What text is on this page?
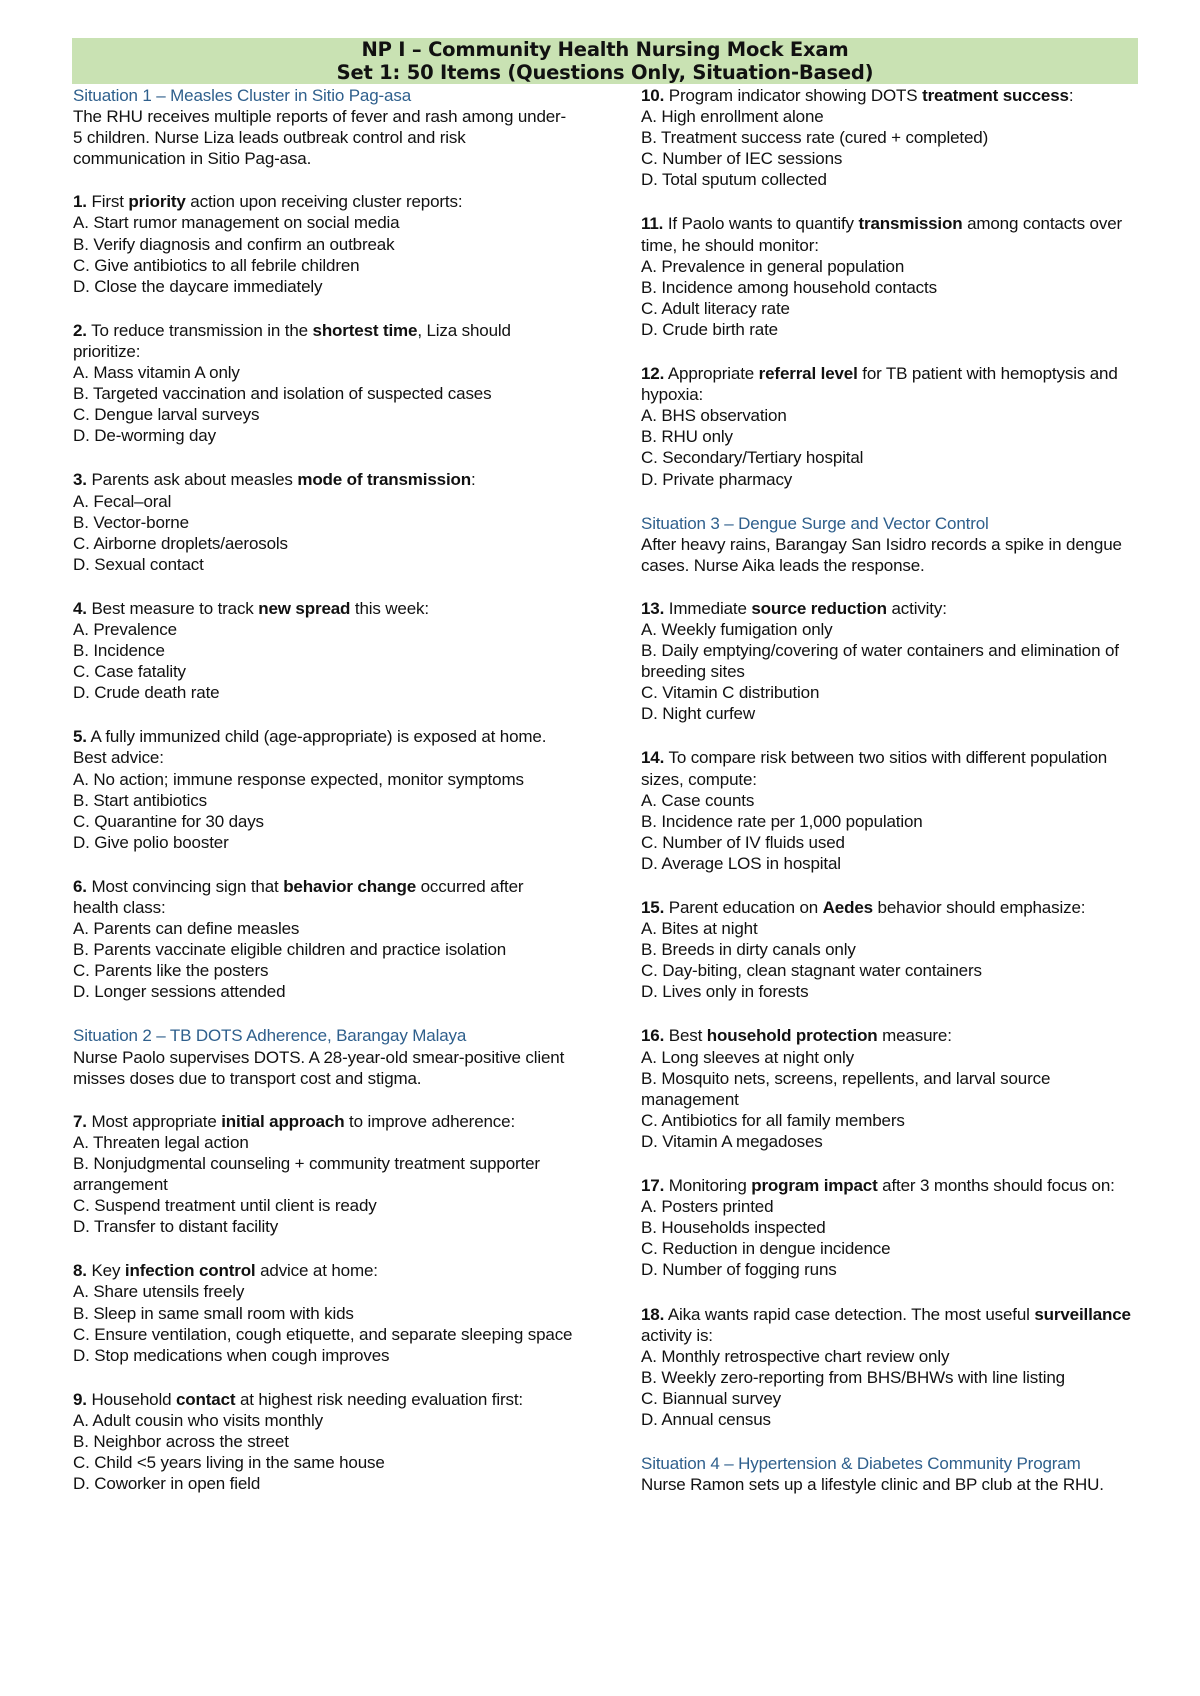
NP I – Community Health Nursing Mock Exam
Set 1: 50 Items (Questions Only, Situation-Based)
Situation 1 – Measles Cluster in Sitio Pag-asa
The RHU receives multiple reports of fever and rash among under-5 children. Nurse Liza leads outbreak control and risk communication in Sitio Pag-asa.
1. First priority action upon receiving cluster reports:
A. Start rumor management on social media
B. Verify diagnosis and confirm an outbreak
C. Give antibiotics to all febrile children
D. Close the daycare immediately
2. To reduce transmission in the shortest time, Liza should prioritize:
A. Mass vitamin A only
B. Targeted vaccination and isolation of suspected cases
C. Dengue larval surveys
D. De-worming day
3. Parents ask about measles mode of transmission:
A. Fecal–oral
B. Vector-borne
C. Airborne droplets/aerosols
D. Sexual contact
4. Best measure to track new spread this week:
A. Prevalence
B. Incidence
C. Case fatality
D. Crude death rate
5. A fully immunized child (age-appropriate) is exposed at home. Best advice:
A. No action; immune response expected, monitor symptoms
B. Start antibiotics
C. Quarantine for 30 days
D. Give polio booster
6. Most convincing sign that behavior change occurred after health class:
A. Parents can define measles
B. Parents vaccinate eligible children and practice isolation
C. Parents like the posters
D. Longer sessions attended
Situation 2 – TB DOTS Adherence, Barangay Malaya
Nurse Paolo supervises DOTS. A 28-year-old smear-positive client misses doses due to transport cost and stigma.
7. Most appropriate initial approach to improve adherence:
A. Threaten legal action
B. Nonjudgmental counseling + community treatment supporter arrangement
C. Suspend treatment until client is ready
D. Transfer to distant facility
8. Key infection control advice at home:
A. Share utensils freely
B. Sleep in same small room with kids
C. Ensure ventilation, cough etiquette, and separate sleeping space
D. Stop medications when cough improves
9. Household contact at highest risk needing evaluation first:
A. Adult cousin who visits monthly
B. Neighbor across the street
C. Child <5 years living in the same house
D. Coworker in open field
10. Program indicator showing DOTS treatment success:
A. High enrollment alone
B. Treatment success rate (cured + completed)
C. Number of IEC sessions
D. Total sputum collected
11. If Paolo wants to quantify transmission among contacts over time, he should monitor:
A. Prevalence in general population
B. Incidence among household contacts
C. Adult literacy rate
D. Crude birth rate
12. Appropriate referral level for TB patient with hemoptysis and hypoxia:
A. BHS observation
B. RHU only
C. Secondary/Tertiary hospital
D. Private pharmacy
Situation 3 – Dengue Surge and Vector Control
After heavy rains, Barangay San Isidro records a spike in dengue cases. Nurse Aika leads the response.
13. Immediate source reduction activity:
A. Weekly fumigation only
B. Daily emptying/covering of water containers and elimination of breeding sites
C. Vitamin C distribution
D. Night curfew
14. To compare risk between two sitios with different population sizes, compute:
A. Case counts
B. Incidence rate per 1,000 population
C. Number of IV fluids used
D. Average LOS in hospital
15. Parent education on Aedes behavior should emphasize:
A. Bites at night
B. Breeds in dirty canals only
C. Day-biting, clean stagnant water containers
D. Lives only in forests
16. Best household protection measure:
A. Long sleeves at night only
B. Mosquito nets, screens, repellents, and larval source management
C. Antibiotics for all family members
D. Vitamin A megadoses
17. Monitoring program impact after 3 months should focus on:
A. Posters printed
B. Households inspected
C. Reduction in dengue incidence
D. Number of fogging runs
18. Aika wants rapid case detection. The most useful surveillance activity is:
A. Monthly retrospective chart review only
B. Weekly zero-reporting from BHS/BHWs with line listing
C. Biannual survey
D. Annual census
Situation 4 – Hypertension & Diabetes Community Program
Nurse Ramon sets up a lifestyle clinic and BP club at the RHU.
